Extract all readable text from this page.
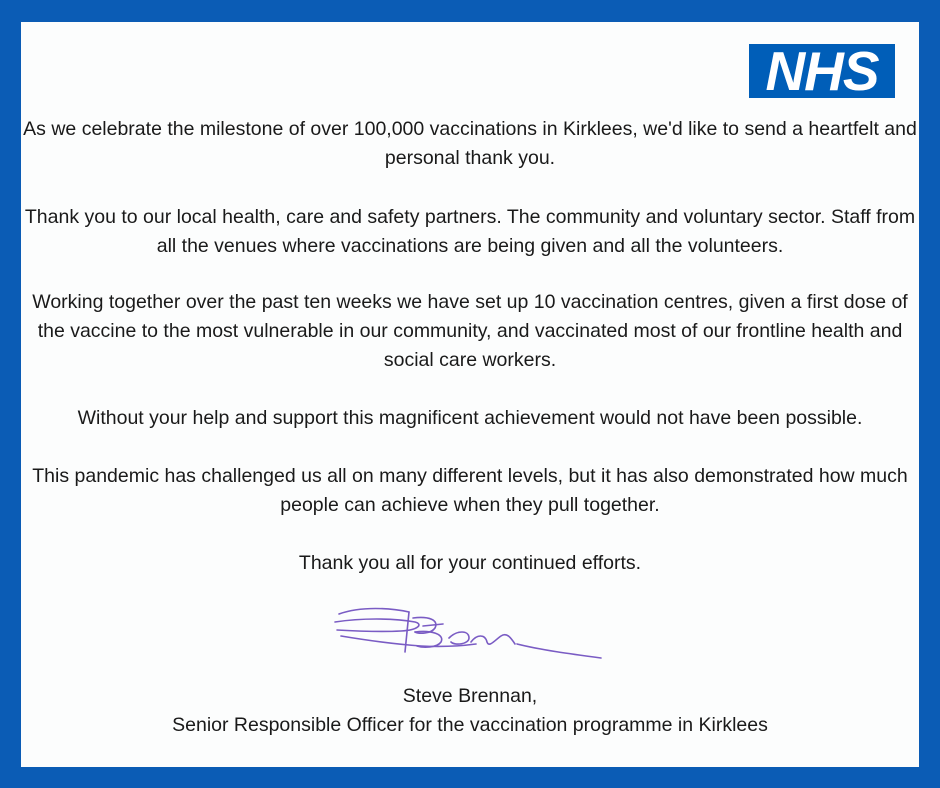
NHS

As we celebrate the milestone of over 100,000 vaccinations in Kirklees, we'd like to send a heartfelt and personal thank you.

Thank you to our local health, care and safety partners. The community and voluntary sector. Staff from all the venues where vaccinations are being given and all the volunteers.

Working together over the past ten weeks we have set up 10 vaccination centres, given a first dose of the vaccine to the most vulnerable in our community, and vaccinated most of our frontline health and social care workers.

Without your help and support this magnificent achievement would not have been possible.

This pandemic has challenged us all on many different levels, but it has also demonstrated how much people can achieve when they pull together.

Thank you all for your continued efforts.

Steve Brennan,
Senior Responsible Officer for the vaccination programme in Kirklees
